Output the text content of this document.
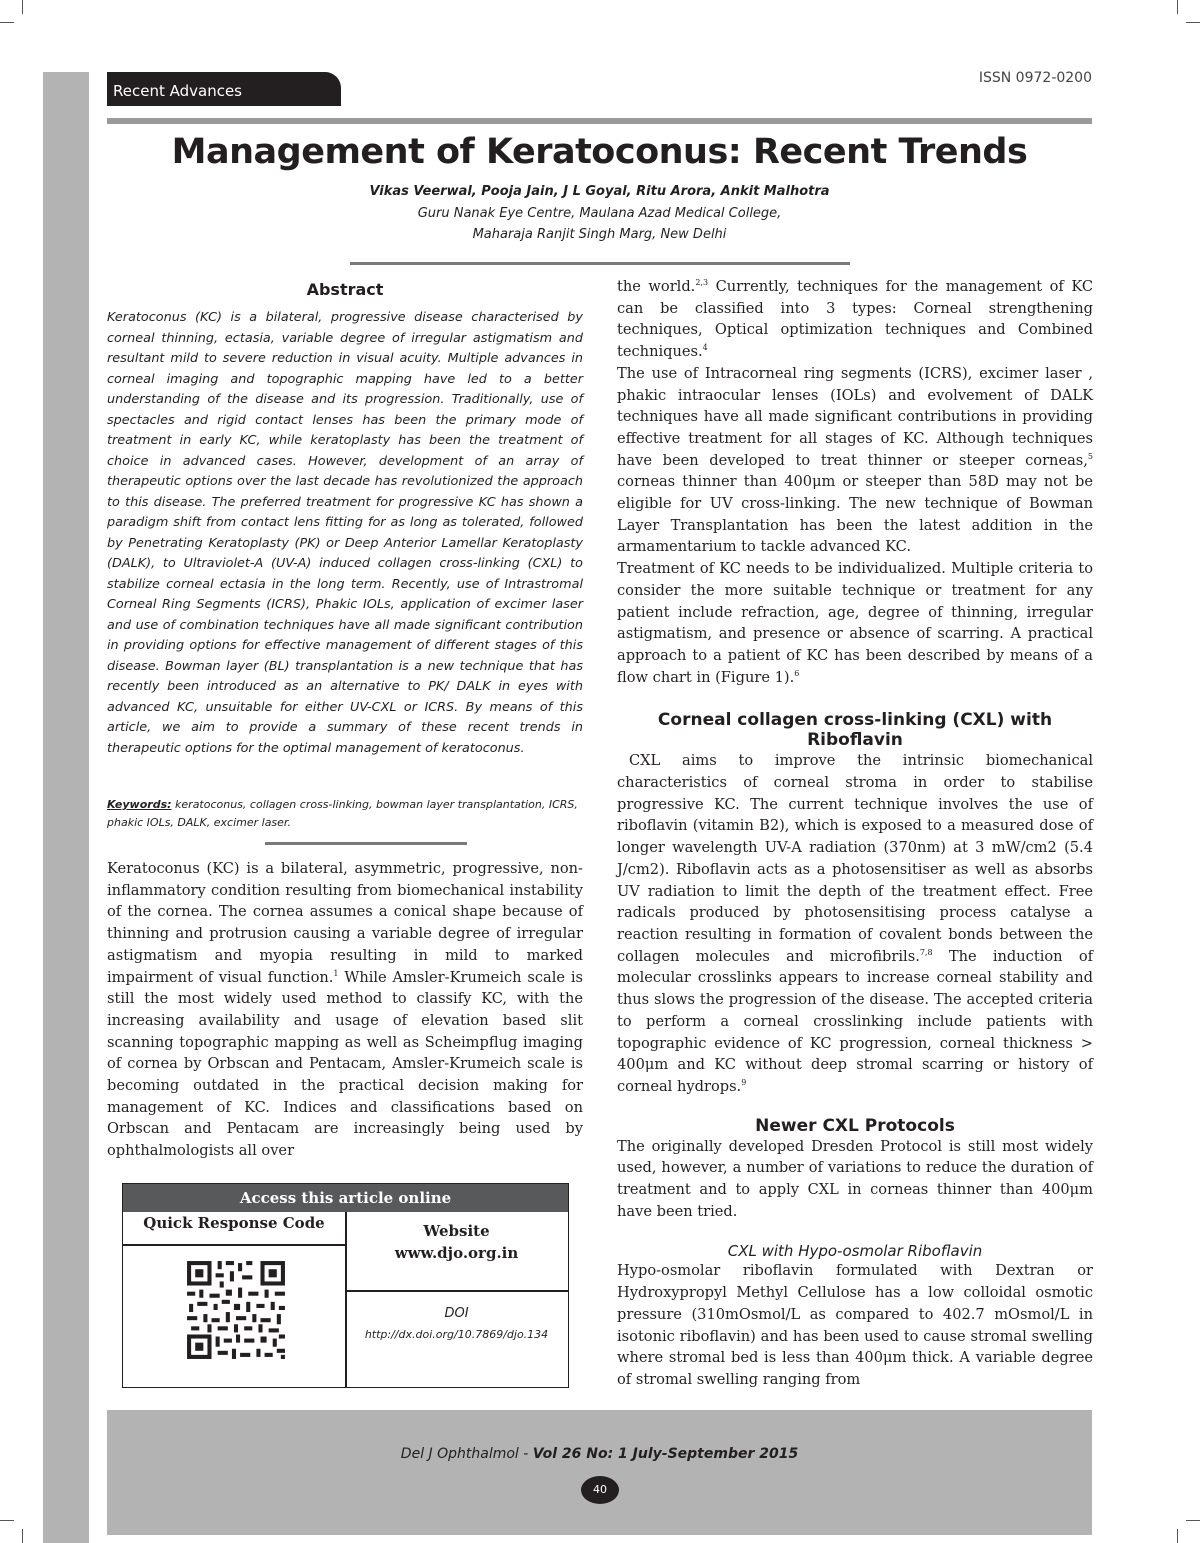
Recent Advances
ISSN 0972-0200
Management of Keratoconus: Recent Trends
Vikas Veerwal, Pooja Jain, J L Goyal, Ritu Arora, Ankit Malhotra
Guru Nanak Eye Centre, Maulana Azad Medical College,
Maharaja Ranjit Singh Marg, New Delhi
Abstract

Keratoconus (KC) is a bilateral, progressive disease characterised by corneal thinning, ectasia, variable degree of irregular astigmatism and resultant mild to severe reduction in visual acuity. Multiple advances in corneal imaging and topographic mapping have led to a better understanding of the disease and its progression. Traditionally, use of spectacles and rigid contact lenses has been the primary mode of treatment in early KC, while keratoplasty has been the treatment of choice in advanced cases. However, development of an array of therapeutic options over the last decade has revolutionized the approach to this disease. The preferred treatment for progressive KC has shown a paradigm shift from contact lens fitting for as long as tolerated, followed by Penetrating Keratoplasty (PK) or Deep Anterior Lamellar Keratoplasty (DALK), to Ultraviolet-A (UV-A) induced collagen cross-linking (CXL) to stabilize corneal ectasia in the long term. Recently, use of Intrastromal Corneal Ring Segments (ICRS), Phakic IOLs, application of excimer laser and use of combination techniques have all made significant contribution in providing options for effective management of different stages of this disease. Bowman layer (BL) transplantation is a new technique that has recently been introduced as an alternative to PK/ DALK in eyes with advanced KC, unsuitable for either UV-CXL or ICRS. By means of this article, we aim to provide a summary of these recent trends in therapeutic options for the optimal management of keratoconus.

Keywords: keratoconus, collagen cross-linking, bowman layer transplantation, ICRS, phakic IOLs, DALK, excimer laser.

Keratoconus (KC) is a bilateral, asymmetric, progressive, non-inflammatory condition resulting from biomechanical instability of the cornea. The cornea assumes a conical shape because of thinning and protrusion causing a variable degree of irregular astigmatism and myopia resulting in mild to marked impairment of visual function.$^1$ While Amsler-Krumeich scale is still the most widely used method to classify KC, with the increasing availability and usage of elevation based slit scanning topographic mapping as well as Scheimpflug imaging of cornea by Orbscan and Pentacam, Amsler-Krumeich scale is becoming outdated in the practical decision making for management of KC. Indices and classifications based on Orbscan and Pentacam are increasingly being used by ophthalmologists all over

Access this article online
Quick Response Code	Website
www.djo.org.in
DOI
http://dx.doi.org/10.7869/djo.134

the world.$^{2,3}$ Currently, techniques for the management of KC can be classified into 3 types: Corneal strengthening techniques, Optical optimization techniques and Combined techniques.$^4$

The use of Intracorneal ring segments (ICRS), excimer laser , phakic intraocular lenses (IOLs) and evolvement of DALK techniques have all made significant contributions in providing effective treatment for all stages of KC. Although techniques have been developed to treat thinner or steeper corneas,$^5$ corneas thinner than 400μm or steeper than 58D may not be eligible for UV cross-linking. The new technique of Bowman Layer Transplantation has been the latest addition in the armamentarium to tackle advanced KC.

Treatment of KC needs to be individualized. Multiple criteria to consider the more suitable technique or treatment for any patient include refraction, age, degree of thinning, irregular astigmatism, and presence or absence of scarring. A practical approach to a patient of KC has been described by means of a flow chart in (Figure 1).$^6$

Corneal collagen cross-linking (CXL) with Riboflavin

CXL aims to improve the intrinsic biomechanical characteristics of corneal stroma in order to stabilise progressive KC. The current technique involves the use of riboflavin (vitamin B2), which is exposed to a measured dose of longer wavelength UV-A radiation (370nm) at 3 mW/cm2 (5.4 J/cm2). Riboflavin acts as a photosensitiser as well as absorbs UV radiation to limit the depth of the treatment effect. Free radicals produced by photosensitising process catalyse a reaction resulting in formation of covalent bonds between the collagen molecules and microfibrils.$^{7,8}$ The induction of molecular crosslinks appears to increase corneal stability and thus slows the progression of the disease. The accepted criteria to perform a corneal crosslinking include patients with topographic evidence of KC progression, corneal thickness > 400μm and KC without deep stromal scarring or history of corneal hydrops.$^9$

Newer CXL Protocols

The originally developed Dresden Protocol is still most widely used, however, a number of variations to reduce the duration of treatment and to apply CXL in corneas thinner than 400μm have been tried.

CXL with Hypo-osmolar Riboflavin

Hypo-osmolar riboflavin formulated with Dextran or Hydroxypropyl Methyl Cellulose has a low colloidal osmotic pressure (310mOsmol/L as compared to 402.7 mOsmol/L in isotonic riboflavin) and has been used to cause stromal swelling where stromal bed is less than 400μm thick. A variable degree of stromal swelling ranging from

Del J Ophthalmol - Vol 26 No: 1 July-September 2015
40
